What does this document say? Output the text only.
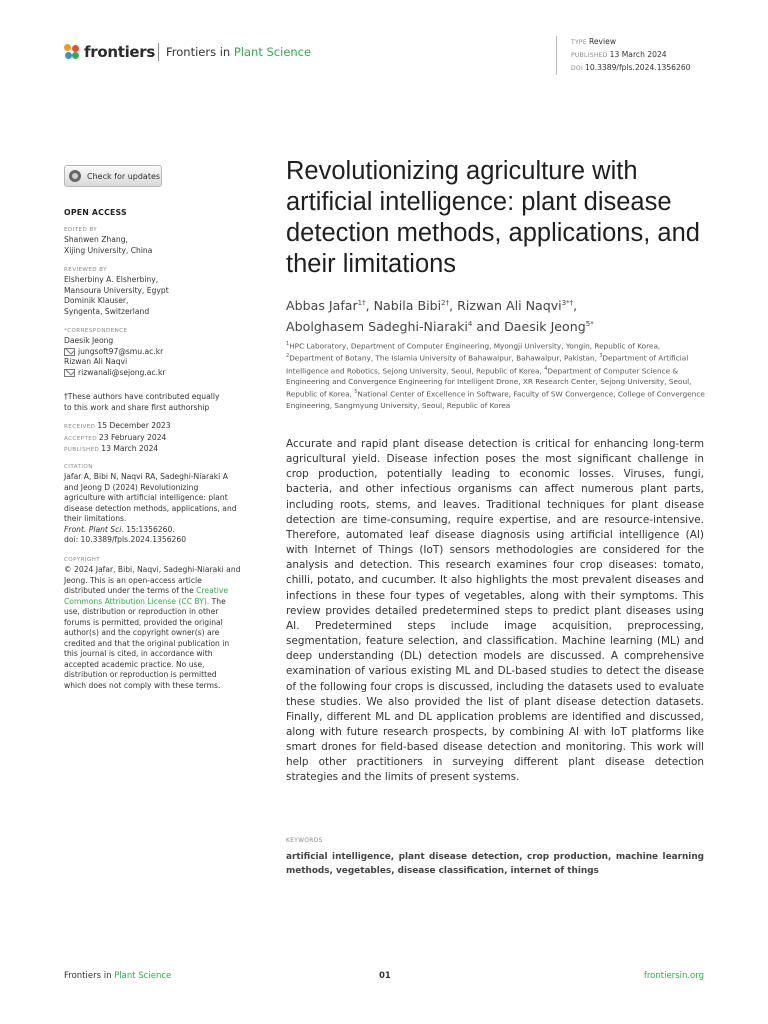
frontiers Frontiers in Plant Science
TYPE Review
PUBLISHED 13 March 2024
DOI 10.3389/fpls.2024.1356260
Check for updates
OPEN ACCESS
EDITED BY
Shanwen Zhang,
Xijing University, China
REVIEWED BY
Elsherbiny A. Elsherbiny,
Mansoura University, Egypt
Dominik Klauser,
Syngenta, Switzerland
*CORRESPONDENCE
Daesik Jeong
jungsoft97@smu.ac.kr
Rizwan Ali Naqvi
rizwanali@sejong.ac.kr
†These authors have contributed equally
to this work and share first authorship
RECEIVED 15 December 2023
ACCEPTED 23 February 2024
PUBLISHED 13 March 2024
CITATION
Jafar A, Bibi N, Naqvi RA, Sadeghi-Niaraki A
and Jeong D (2024) Revolutionizing
agriculture with artificial intelligence: plant
disease detection methods, applications, and
their limitations.
Front. Plant Sci. 15:1356260.
doi: 10.3389/fpls.2024.1356260
COPYRIGHT
© 2024 Jafar, Bibi, Naqvi, Sadeghi-Niaraki and
Jeong. This is an open-access article
distributed under the terms of the Creative
Commons Attribution License (CC BY). The
use, distribution or reproduction in other
forums is permitted, provided the original
author(s) and the copyright owner(s) are
credited and that the original publication in
this journal is cited, in accordance with
accepted academic practice. No use,
distribution or reproduction is permitted
which does not comply with these terms.
Revolutionizing agriculture with artificial intelligence: plant disease detection methods, applications, and their limitations
Abbas Jafar$^{1\dagger}$, Nabila Bibi$^{2\dagger}$, Rizwan Ali Naqvi$^{3*\dagger}$,
Abolghasem Sadeghi-Niaraki$^4$ and Daesik Jeong$^{5*}$
$^1$HPC Laboratory, Department of Computer Engineering, Myongji University, Yongin, Republic of Korea, $^2$Department of Botany, The Islamia University of Bahawalpur, Bahawalpur, Pakistan, $^3$Department of Artificial Intelligence and Robotics, Sejong University, Seoul, Republic of Korea, $^4$Department of Computer Science & Engineering and Convergence Engineering for Intelligent Drone, XR Research Center, Sejong University, Seoul, Republic of Korea, $^5$National Center of Excellence in Software, Faculty of SW Convergence, College of Convergence Engineering, Sangmyung University, Seoul, Republic of Korea
Accurate and rapid plant disease detection is critical for enhancing long-term agricultural yield. Disease infection poses the most significant challenge in crop production, potentially leading to economic losses. Viruses, fungi, bacteria, and other infectious organisms can affect numerous plant parts, including roots, stems, and leaves. Traditional techniques for plant disease detection are time-consuming, require expertise, and are resource-intensive. Therefore, automated leaf disease diagnosis using artificial intelligence (AI) with Internet of Things (IoT) sensors methodologies are considered for the analysis and detection. This research examines four crop diseases: tomato, chilli, potato, and cucumber. It also highlights the most prevalent diseases and infections in these four types of vegetables, along with their symptoms. This review provides detailed predetermined steps to predict plant diseases using AI. Predetermined steps include image acquisition, preprocessing, segmentation, feature selection, and classification. Machine learning (ML) and deep understanding (DL) detection models are discussed. A comprehensive examination of various existing ML and DL-based studies to detect the disease of the following four crops is discussed, including the datasets used to evaluate these studies. We also provided the list of plant disease detection datasets. Finally, different ML and DL application problems are identified and discussed, along with future research prospects, by combining AI with IoT platforms like smart drones for field-based disease detection and monitoring. This work will help other practitioners in surveying different plant disease detection strategies and the limits of present systems.
KEYWORDS
artificial intelligence, plant disease detection, crop production, machine learning methods, vegetables, disease classification, internet of things
Frontiers in Plant Science	01	frontiersin.org
